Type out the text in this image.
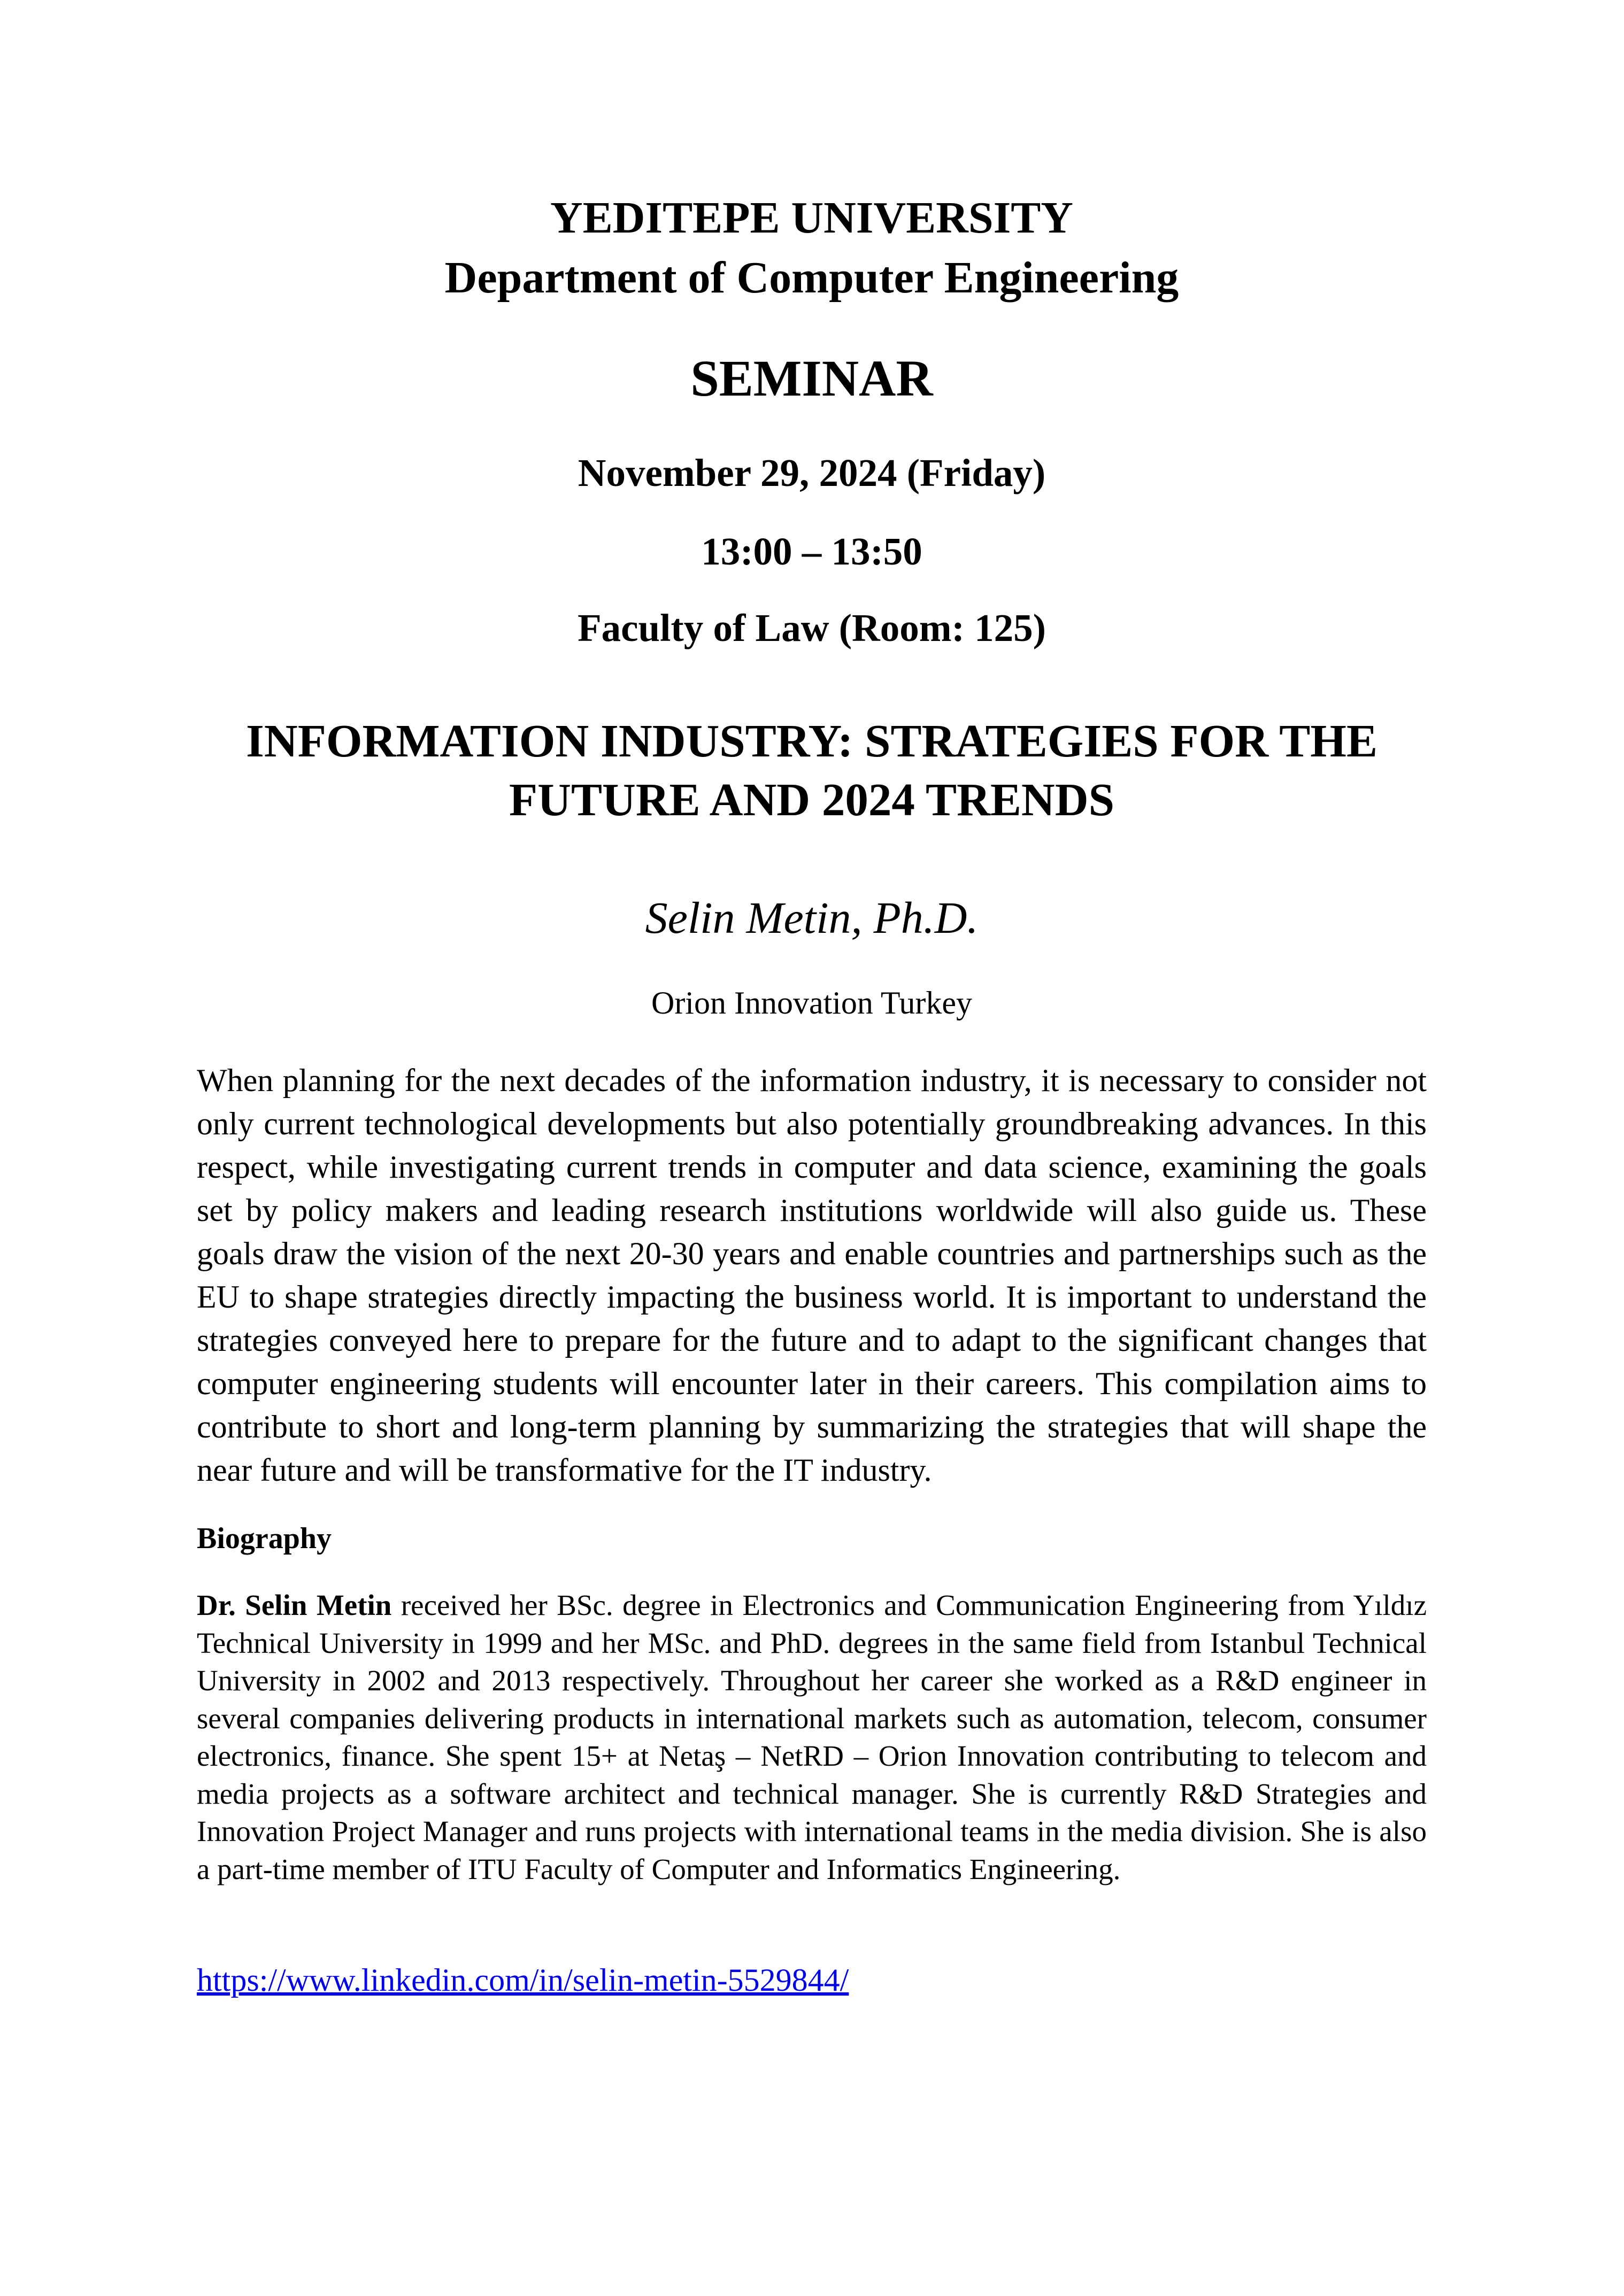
YEDITEPE UNIVERSITY
Department of Computer Engineering
SEMINAR
November 29, 2024 (Friday)
13:00 – 13:50
Faculty of Law (Room: 125)
INFORMATION INDUSTRY: STRATEGIES FOR THE FUTURE AND 2024 TRENDS
Selin Metin, Ph.D.
Orion Innovation Turkey
When planning for the next decades of the information industry, it is necessary to consider not only current technological developments but also potentially groundbreaking advances. In this respect, while investigating current trends in computer and data science, examining the goals set by policy makers and leading research institutions worldwide will also guide us. These goals draw the vision of the next 20-30 years and enable countries and partnerships such as the EU to shape strategies directly impacting the business world. It is important to understand the strategies conveyed here to prepare for the future and to adapt to the significant changes that computer engineering students will encounter later in their careers. This compilation aims to contribute to short and long-term planning by summarizing the strategies that will shape the near future and will be transformative for the IT industry.
Biography
Dr. Selin Metin received her BSc. degree in Electronics and Communication Engineering from Yıldız Technical University in 1999 and her MSc. and PhD. degrees in the same field from Istanbul Technical University in 2002 and 2013 respectively. Throughout her career she worked as a R&D engineer in several companies delivering products in international markets such as automation, telecom, consumer electronics, finance. She spent 15+ at Netaş – NetRD – Orion Innovation contributing to telecom and media projects as a software architect and technical manager. She is currently R&D Strategies and Innovation Project Manager and runs projects with international teams in the media division. She is also a part-time member of ITU Faculty of Computer and Informatics Engineering.
https://www.linkedin.com/in/selin-metin-5529844/
